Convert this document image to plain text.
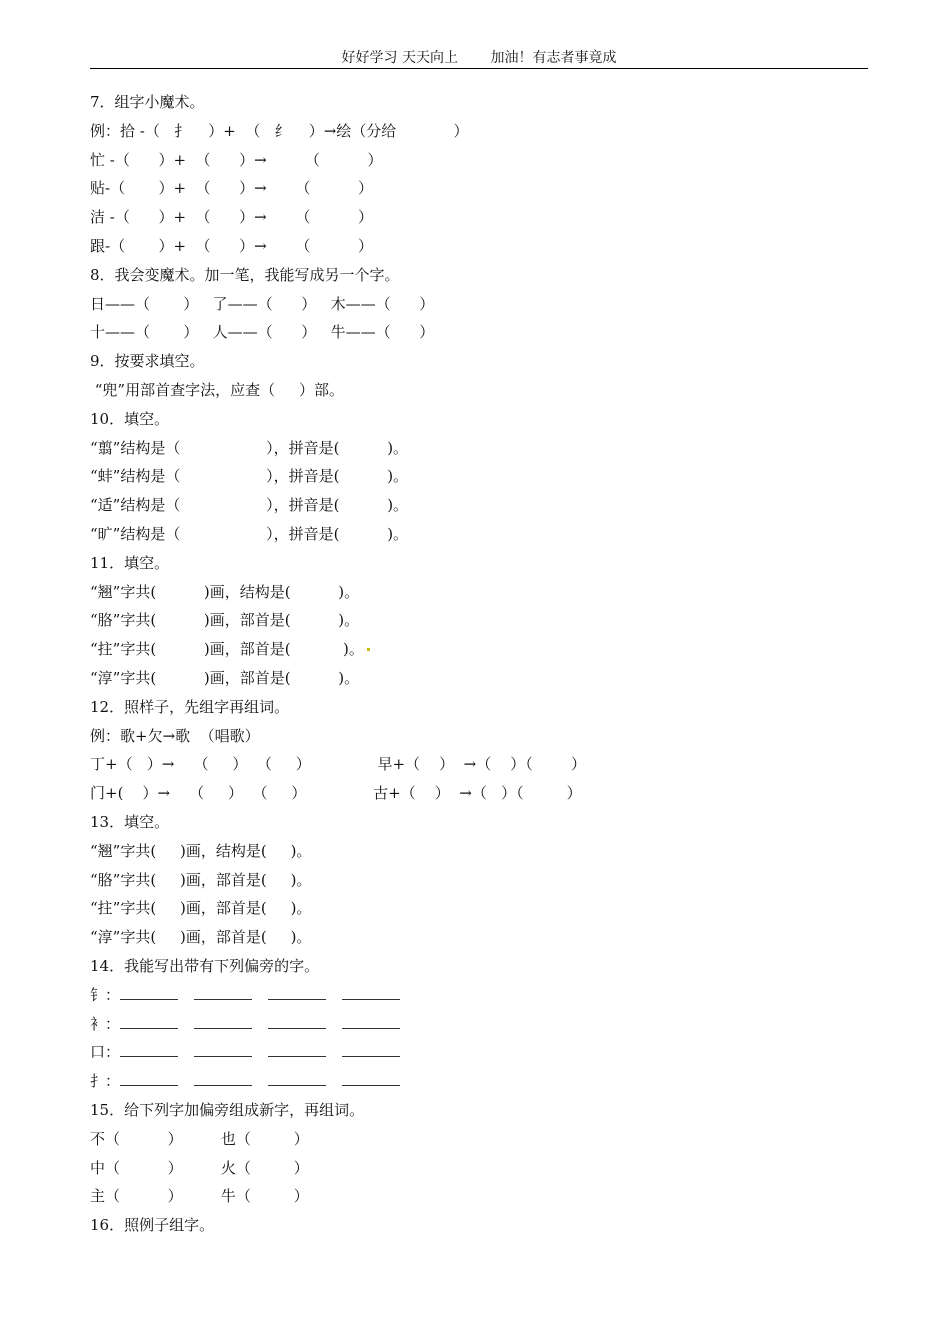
好好学习 天天向上 加油！有志者事竟成
7．组字小魔术。
例：拾 -（   扌    ）+  （   纟    ）→绘（分给            ）
忙 -（      ）+  （      ）→        （          ）
贴-（       ）+  （      ）→      （          ）
洁 -（      ）+  （      ）→      （          ）
跟-（       ）+  （      ）→      （          ）
8．我会变魔术。加一笔，我能写成另一个字。
日——（       ）   了——（      ）   木——（      ）
十——（       ）   人——（      ）   牛——（      ）
9．按要求填空。
“兜”用部首查字法，应查（     ）部。
10．填空。
“翦”结构是（                  ），拼音是(          )。
“蚌”结构是（                  ），拼音是(          )。
“适”结构是（                  ），拼音是(          )。
“旷”结构是（                  ），拼音是(          )。
11．填空。
“翘”字共(          )画，结构是(          )。
“胳”字共(          )画，部首是(          )。
“拄”字共(          )画，部首是(           )。
“淳”字共(          )画，部首是(          )。
12．照样子，先组字再组词。
例：歌+欠→歌  （唱歌）
丁+（   ）→    （     ）  （     ）              早+（    ）  →（    ）（        ）
门+(    ）→    （     ）  （     ）              古+（    ）  →（   ）（         ）
13．填空。
“翘”字共(     )画，结构是(     )。
“胳”字共(     )画，部首是(     )。
“拄”字共(     )画，部首是(     )。
“淳”字共(     )画，部首是(     )。
14．我能写出带有下列偏旁的字。
钅：
衤：
口：
扌：
15．给下列字加偏旁组成新字，再组词。
不（          ）        也（         ）
中（          ）        火（         ）
主（          ）        牛（         ）
16．照例子组字。
